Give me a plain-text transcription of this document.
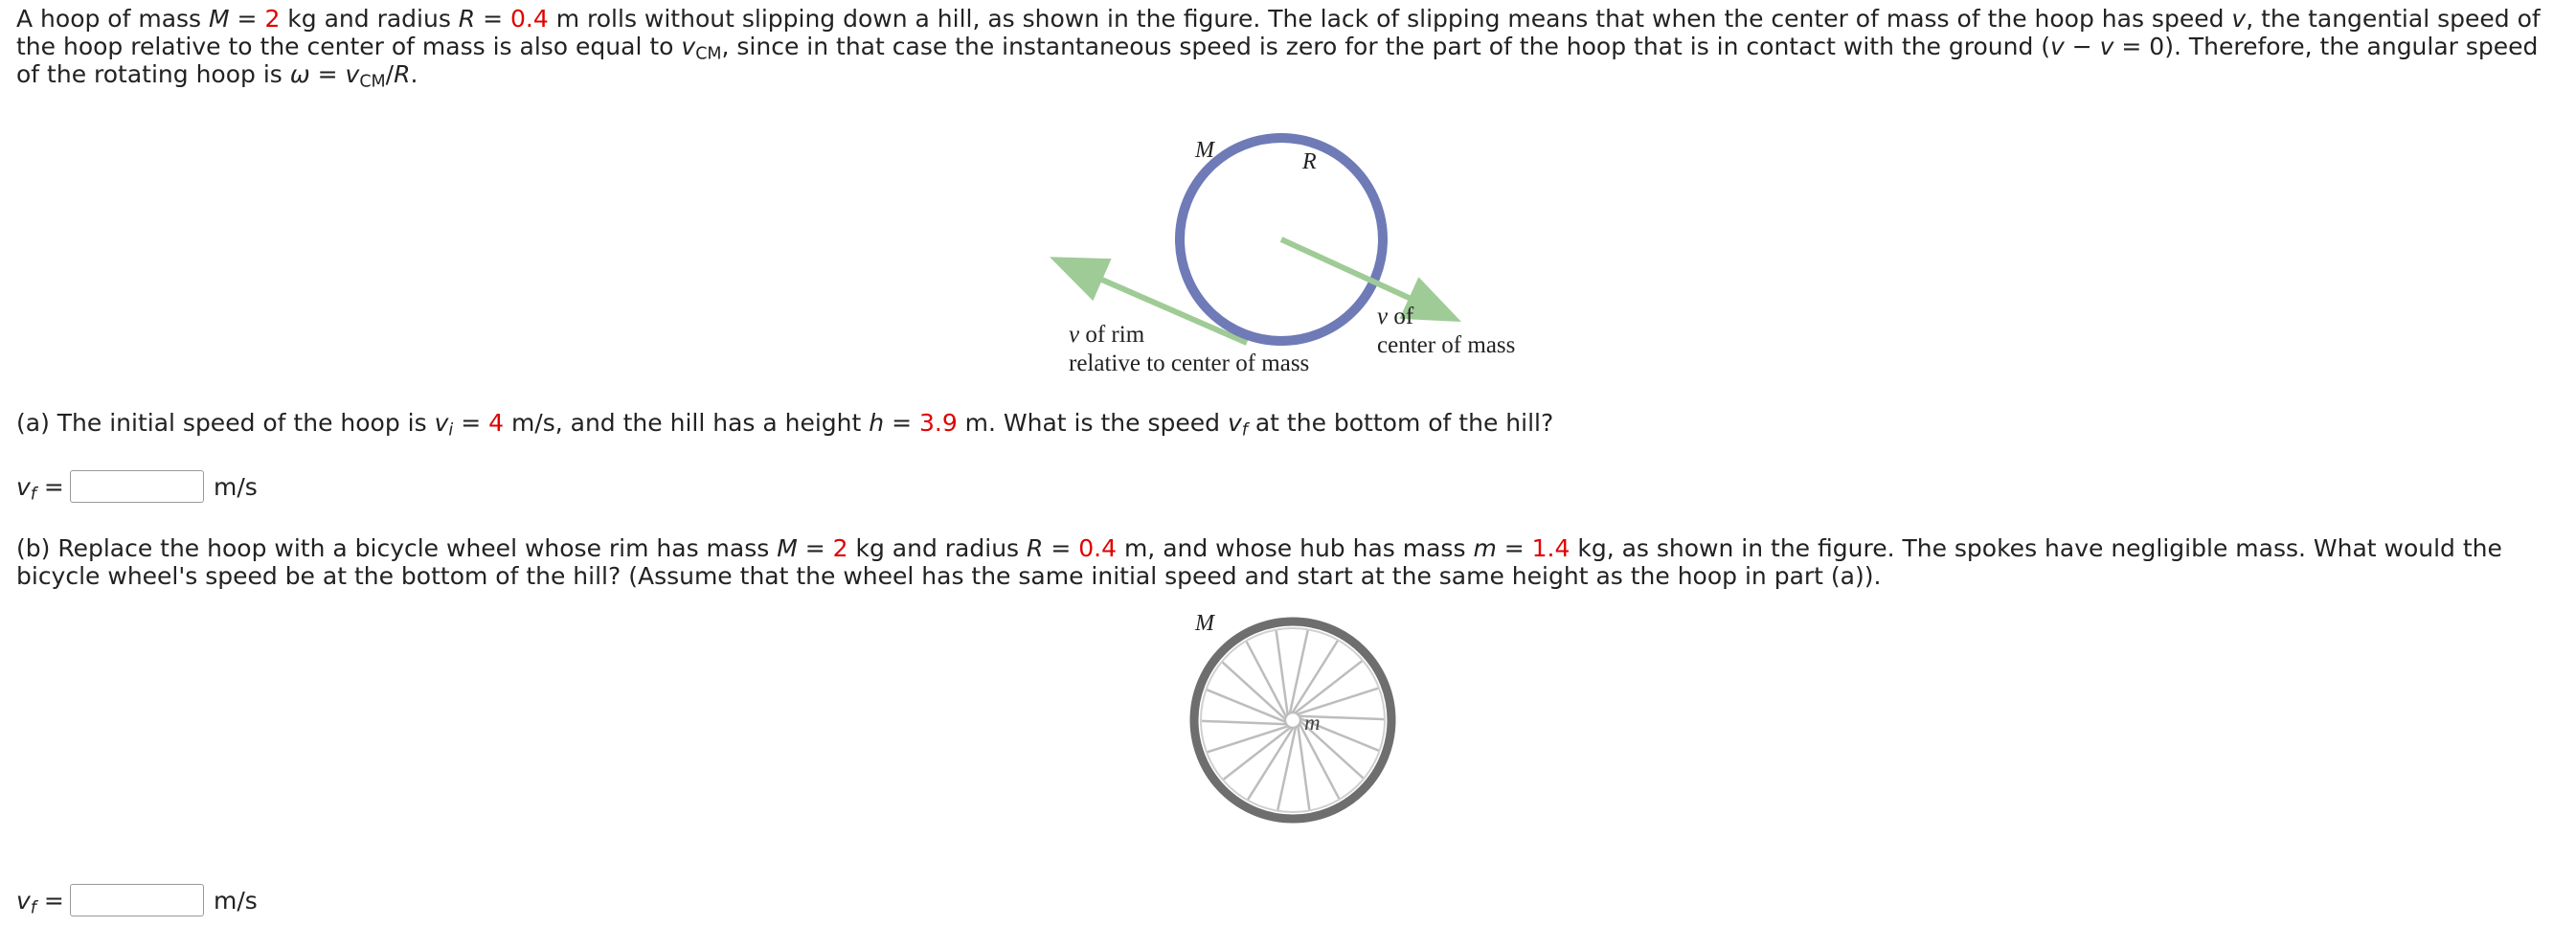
A hoop of mass M = 2 kg and radius R = 0.4 m rolls without slipping down a hill, as shown in the figure. The lack of slipping means that when the center of mass of the hoop has speed v, the tangential speed of the hoop relative to the center of mass is also equal to $v_{CM}$, since in that case the instantaneous speed is zero for the part of the hoop that is in contact with the ground (v − v = 0). Therefore, the angular speed of the rotating hoop is $\omega = v_{CM}/R$.

M	R
v of rim
relative to center of mass
v of
center of mass

(a) The initial speed of the hoop is $v_i = 4$ m/s, and the hill has a height h = 3.9 m. What is the speed $v_f$ at the bottom of the hill?

$v_f$ =	m/s

(b) Replace the hoop with a bicycle wheel whose rim has mass M = 2 kg and radius R = 0.4 m, and whose hub has mass m = 1.4 kg, as shown in the figure. The spokes have negligible mass. What would the bicycle wheel's speed be at the bottom of the hill? (Assume that the wheel has the same initial speed and start at the same height as the hoop in part (a)).

M
m
$v_f$ =	m/s
